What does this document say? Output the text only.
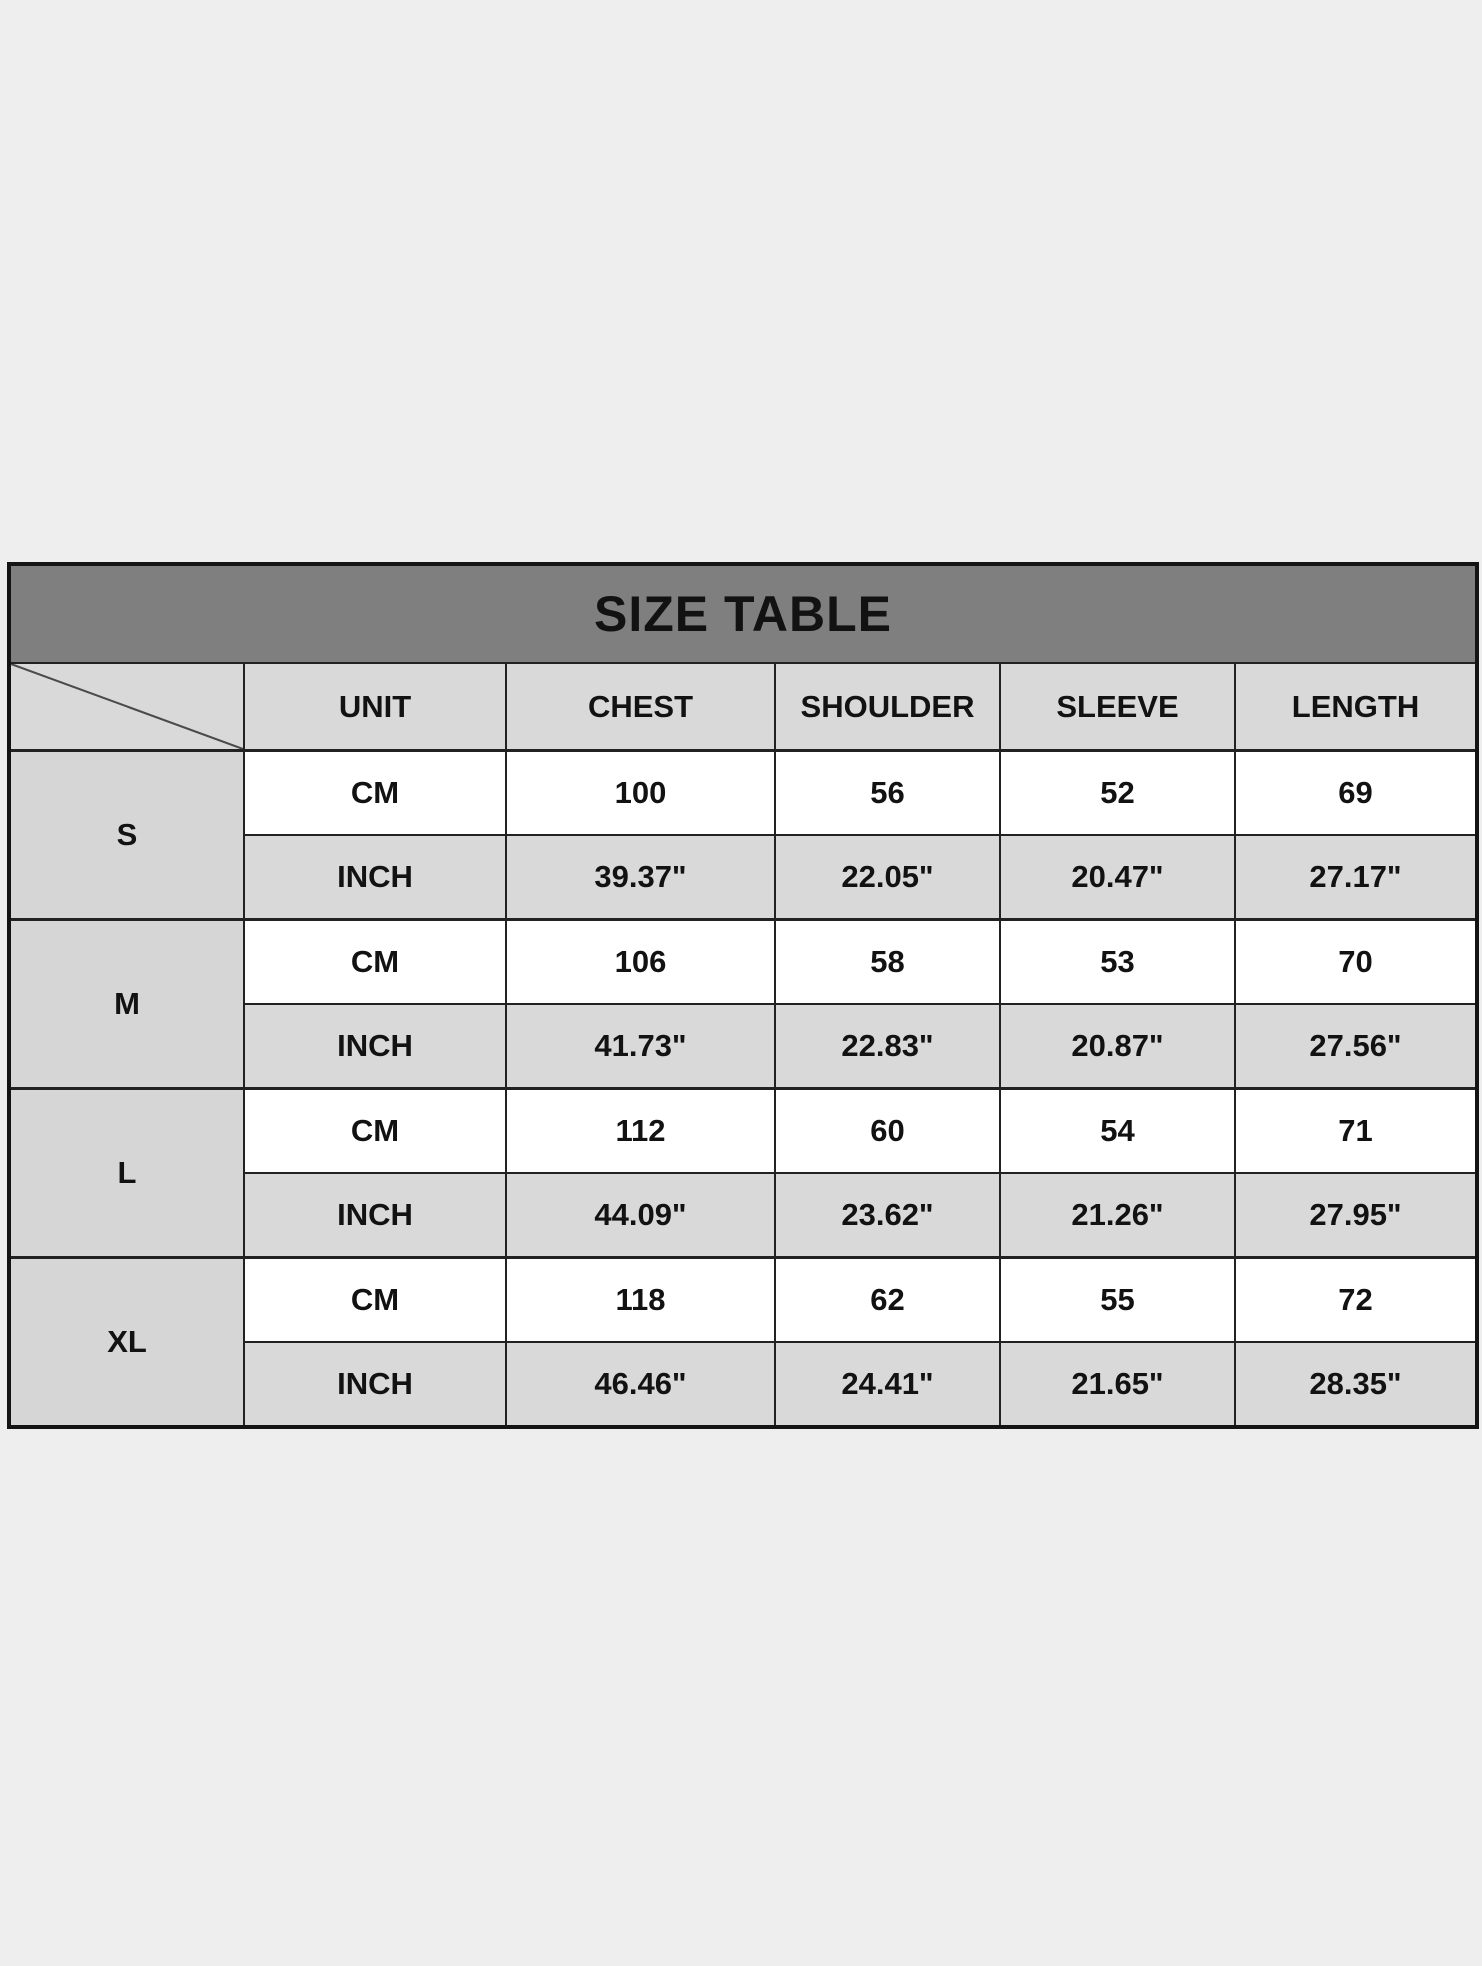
SIZE TABLE					

	UNIT	CHEST	SHOULDER	SLEEVE	LENGTH
S	CM	100	56	52	69
	INCH	39.37"	22.05"	20.47"	27.17"
M	CM	106	58	53	70
	INCH	41.73"	22.83"	20.87"	27.56"
L	CM	112	60	54	71
	INCH	44.09"	23.62"	21.26"	27.95"
XL	CM	118	62	55	72
	INCH	46.46"	24.41"	21.65"	28.35"
